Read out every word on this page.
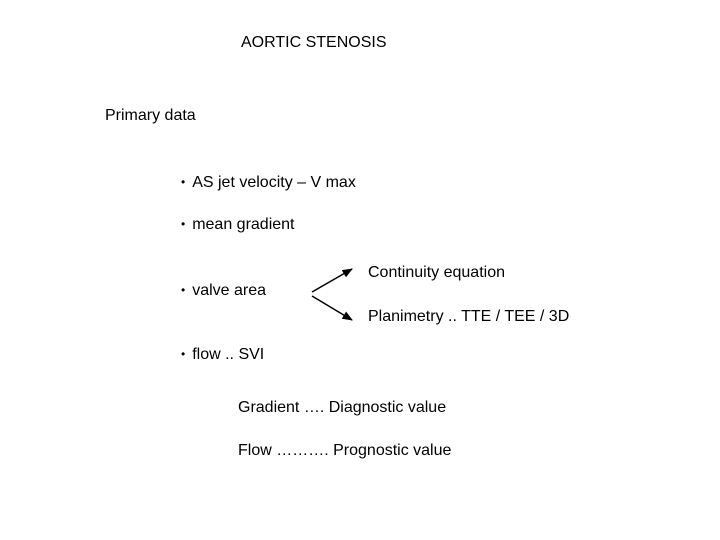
AORTIC STENOSIS
Primary data
• AS jet velocity – V max
• mean gradient
• valve area
• flow .. SVI
Continuity equation
Planimetry .. TTE / TEE / 3D
Gradient …. Diagnostic value
Flow ………. Prognostic value
